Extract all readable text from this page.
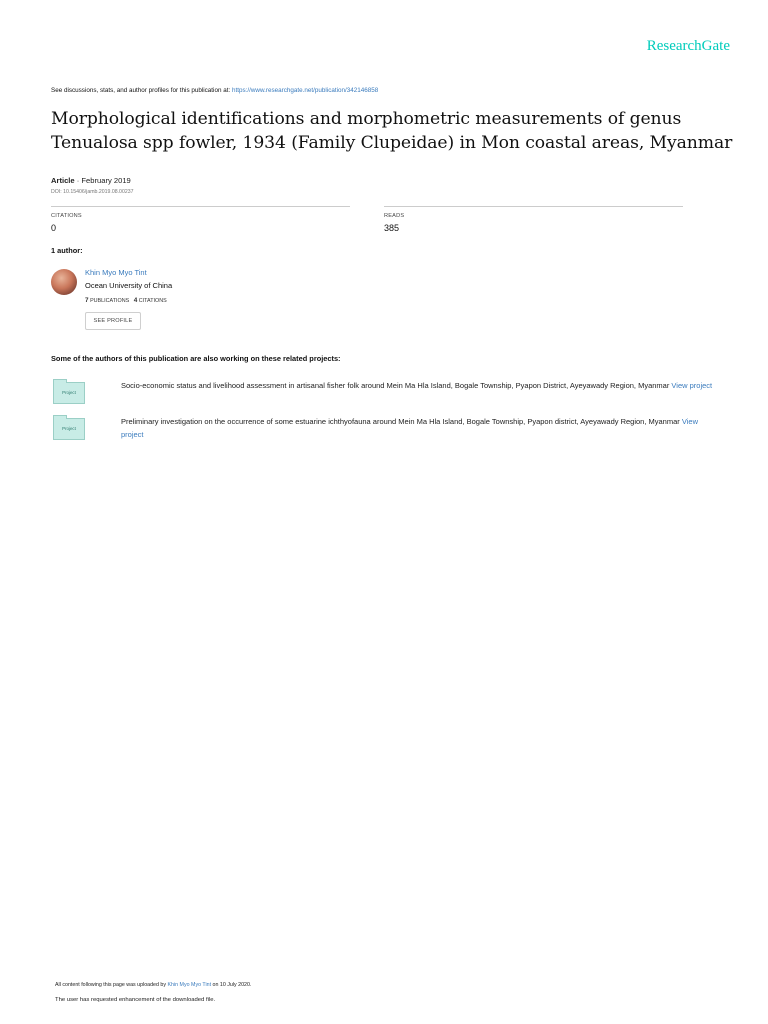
ResearchGate
See discussions, stats, and author profiles for this publication at: https://www.researchgate.net/publication/342146858
Morphological identifications and morphometric measurements of genus Tenualosa spp fowler, 1934 (Family Clupeidae) in Mon coastal areas, Myanmar
Article · February 2019
DOI: 10.15406/jamb.2019.08.00237
CITATIONS
0
READS
385
1 author:
Khin Myo Myo Tint
Ocean University of China
7 PUBLICATIONS 4 CITATIONS
SEE PROFILE
Some of the authors of this publication are also working on these related projects:
Project
Socio-economic status and livelihood assessment in artisanal fisher folk around Mein Ma Hla Island, Bogale Township, Pyapon District, Ayeyawady Region, Myanmar View project
Project
Preliminary investigation on the occurrence of some estuarine ichthyofauna around Mein Ma Hla Island, Bogale Township, Pyapon district, Ayeyawady Region, Myanmar View project
All content following this page was uploaded by Khin Myo Myo Tint on 10 July 2020.
The user has requested enhancement of the downloaded file.
